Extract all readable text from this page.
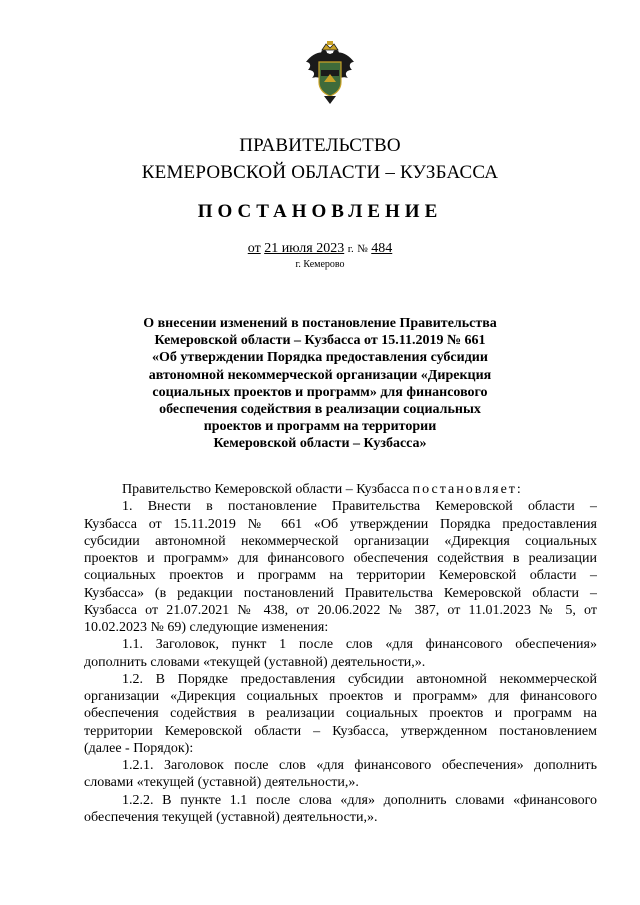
ПРАВИТЕЛЬСТВО
КЕМЕРОВСКОЙ ОБЛАСТИ – КУЗБАССА
ПОСТАНОВЛЕНИЕ
от 21 июля 2023 г. № 484
г. Кемерово
О внесении изменений в постановление Правительства
Кемеровской области – Кузбасса от 15.11.2019 № 661
«Об утверждении Порядка предоставления субсидии
автономной некоммерческой организации «Дирекция
социальных проектов и программ» для финансового
обеспечения содействия в реализации социальных
проектов и программ на территории
Кемеровской области – Кузбасса»
Правительство Кемеровской области – Кузбасса постановляет:
1. Внести в постановление Правительства Кемеровской области –
Кузбасса от 15.11.2019 № 661 «Об утверждении Порядка предоставления
субсидии автономной некоммерческой организации «Дирекция социальных
проектов и программ» для финансового обеспечения содействия в реализации
социальных проектов и программ на территории Кемеровской области –
Кузбасса» (в редакции постановлений Правительства Кемеровской области –
Кузбасса от 21.07.2021 № 438, от 20.06.2022 № 387, от 11.01.2023 № 5, от
10.02.2023 № 69) следующие изменения:
1.1. Заголовок, пункт 1 после слов «для финансового обеспечения»
дополнить словами «текущей (уставной) деятельности,».
1.2. В Порядке предоставления субсидии автономной некоммерческой
организации «Дирекция социальных проектов и программ» для финансового
обеспечения содействия в реализации социальных проектов и программ на
территории Кемеровской области – Кузбасса, утвержденном постановлением
(далее - Порядок):
1.2.1. Заголовок после слов «для финансового обеспечения» дополнить
словами «текущей (уставной) деятельности,».
1.2.2. В пункте 1.1 после слова «для» дополнить словами «финансового
обеспечения текущей (уставной) деятельности,».
